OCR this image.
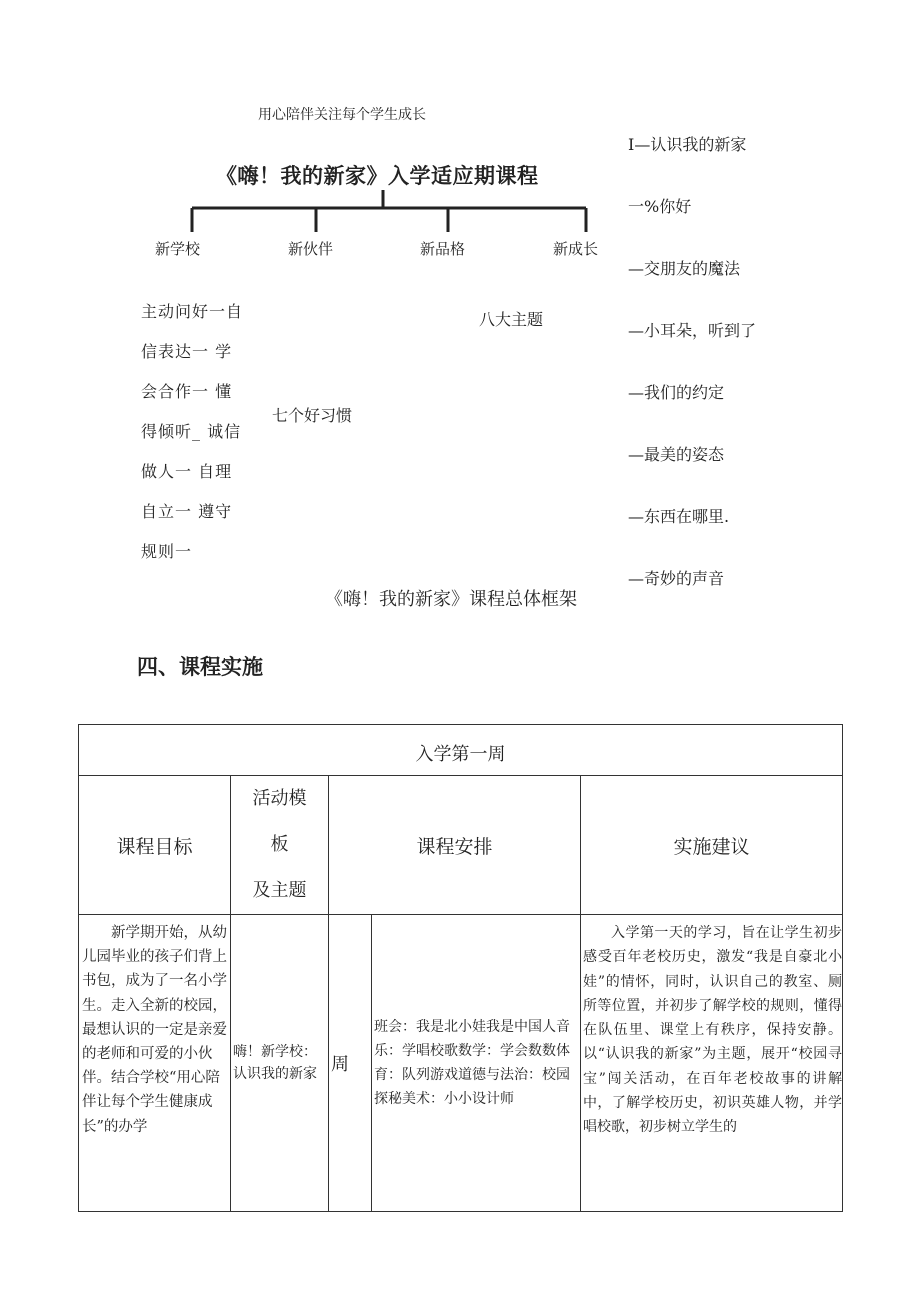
用心陪伴关注每个学生成长
《嗨！我的新家》入学适应期课程
新学校	新伙伴	新品格	新成长
主动问好一自
信表达一 学
会合作一 懂
得倾听_ 诚信
做人一 自理
自立一 遵守
规则一
七个好习惯
八大主题
I—认识我的新家
一%你好
—交朋友的魔法
—小耳朵，听到了
—我们的约定
—最美的姿态
—东西在哪里.
—奇妙的声音
《嗨！我的新家》课程总体框架
四、课程实施
入学第一周				
课程目标	活动模
板
及主题	课程安排		实施建议
新学期开始，从幼儿园毕业的孩子们背上书包，成为了一名小学生。走入全新的校园，最想认识的一定是亲爱的老师和可爱的小伙伴。结合学校“用心陪伴让每个学生健康成长”的办学	嗨！新学校：认识我的新家	周	班会：我是北小娃我是中国人音乐：学唱校歌数学：学会数数体育：队列游戏道德与法治：校园探秘美术：小小设计师	入学第一天的学习，旨在让学生初步感受百年老校历史，激发“我是自豪北小娃”的情怀，同时，认识自己的教室、厕所等位置，并初步了解学校的规则，懂得在队伍里、课堂上有秩序，保持安静。以“认识我的新家”为主题，展开“校园寻宝”闯关活动，在百年老校故事的讲解中，了解学校历史，初识英雄人物，并学唱校歌，初步树立学生的
